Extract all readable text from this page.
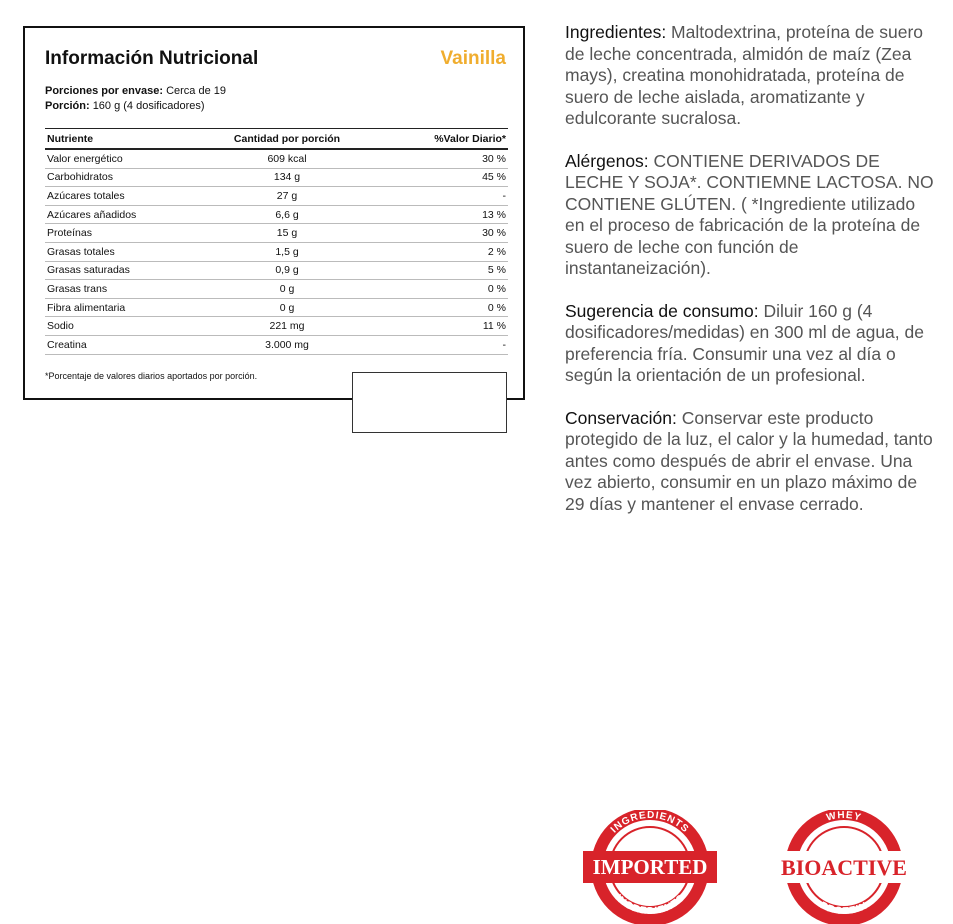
Información Nutricional	Vainilla
Porciones por envase: Cerca de 19
Porción: 160 g (4 dosificadores)
Nutriente	Cantidad por porción	%Valor Diario*
Valor energético	609 kcal	30 %
Carbohidratos	134 g	45 %
Azúcares totales	27 g	-
Azúcares añadidos	6,6 g	13 %
Proteínas	15 g	30 %
Grasas totales	1,5 g	2 %
Grasas saturadas	0,9 g	5 %
Grasas trans	0 g	0 %
Fibra alimentaria	0 g	0 %
Sodio	221 mg	11 %
Creatina	3.000 mg	-
*Porcentaje de valores diarios aportados por porción.

Ingredientes: Maltodextrina, proteína de suero de leche concentrada, almidón de maíz (Zea mays), creatina monohidratada, proteína de suero de leche aislada, aromatizante y edulcorante sucralosa.

Alérgenos: CONTIENE DERIVADOS DE LECHE Y SOJA*. CONTIEMNE LACTOSA. NO CONTIENE GLÚTEN. ( *Ingrediente utilizado en el proceso de fabricación de la proteína de suero de leche con función de instantaneización).

Sugerencia de consumo: Diluir 160 g (4 dosificadores/medidas) en 300 ml de agua, de preferencia fría. Consumir una vez al día o según la orientación de un profesional.

Conservación: Conservar este producto protegido de la luz, el calor y la humedad, tanto antes como después de abrir el envase. Una vez abierto, consumir en un plazo máximo de 29 días y mantener el envase cerrado.

INGREDIENTS
INGREDIENTS
IMPORTED
WHEY
PROTEIN
BIOACTIVE
